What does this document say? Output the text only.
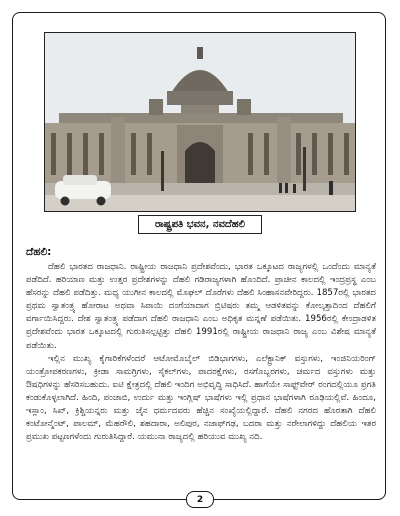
ರಾಷ್ಟ್ರಪತಿ ಭವನ, ನವದೆಹಲಿ

ದೆಹಲಿ:

ದೆಹಲಿ ಭಾರತದ ರಾಜಧಾನಿ. ರಾಷ್ಟ್ರೀಯ ರಾಜಧಾನಿ ಪ್ರದೇಶವೆಂದು, ಭಾರತ ಒಕ್ಕೂಟದ ರಾಜ್ಯಗಳಲ್ಲಿ ಒಂದೆಂದು ಮಾನ್ಯತೆ ಪಡೆದಿದೆ. ಹರಿಯಾಣ ಮತ್ತು ಉತ್ತರ ಪ್ರದೇಶಗಳನ್ನು ದೆಹಲಿ ಗಡಿರಾಜ್ಯಗಳಾಗಿ ಹೊಂದಿದೆ. ಪ್ರಾಚೀನ ಕಾಲದಲ್ಲಿ ಇಂದ್ರಪ್ರಸ್ಥ ಎಂಬ ಹೆಸರನ್ನು ದೆಹಲಿ ಪಡೆದಿತ್ತು. ಮಧ್ಯ ಯುಗೀನ ಕಾಲದಲ್ಲಿ ಮೊಘಲ್ ದೊರೆಗಳು ದೆಹಲಿ ಸಿಂಹಾಸನವೇರಿದ್ದರು. 1857ರಲ್ಲಿ ಭಾರತದ ಪ್ರಥಮ ಸ್ವಾತಂತ್ರ್ಯ ಹೋರಾಟ ಅಥವಾ ಸಿಪಾಯಿ ದಂಗೆಯಾದಾಗ ಬ್ರಿಟಿಷರು ತಮ್ಮ ಆಡಳಿತವನ್ನು ಕೋಲ್ಕತ್ತಾದಿಂದ ದೆಹಲಿಗೆ ವರ್ಗಾಯಿಸಿದ್ದರು. ದೇಶ ಸ್ವಾತಂತ್ರ್ಯ ಪಡೆದಾಗ ದೆಹಲಿ ರಾಜಧಾನಿ ಎಂಬ ಅಧಿಕೃತ ಮನ್ನಣೆ ಪಡೆಯಿತು. 1956ರಲ್ಲಿ ಕೇಂದ್ರಾಡಳಿತ ಪ್ರದೇಶವೆಂದು ಭಾರತ ಒಕ್ಕೂಟದಲ್ಲಿ ಗುರುತಿಸಲ್ಪಟ್ಟಿತ್ತು ದೆಹಲಿ 1991ರಲ್ಲಿ ರಾಷ್ಟ್ರೀಯ ರಾಜಧಾನಿ ರಾಜ್ಯ ಎಂಬ ವಿಶೇಷ ಮಾನ್ಯತೆ ಪಡೆಯಿತು.

ಇಲ್ಲಿನ ಮುಖ್ಯ ಕೈಗಾರಿಕೆಗಳೆಂದರೆ ಆಟೋಮೊಬೈಲ್ ಬಿಡಿಭಾಗಗಳು, ಎಲೆಕ್ಟ್ರಾನಿಕ್ ವಸ್ತುಗಳು, ಇಂಜಿನಿಯರಿಂಗ್ ಯಂತ್ರೋಪಕರಣಗಳು, ಕ್ರೀಡಾ ಸಾಮಗ್ರಿಗಳು, ಸೈಕಲ್‌ಗಳು, ಪಾದರಕ್ಷೆಗಳು, ರಸಗೊಬ್ಬರಗಳು, ಚರ್ಮದ ವಸ್ತುಗಳು ಮತ್ತು ಔಷಧಿಗಳನ್ನು ಹೆಸರಿಸಬಹುದು. ಐಟಿ ಕ್ಷೇತ್ರದಲ್ಲಿ ದೆಹಲಿ ಇಂದಿಗ ಅಭಿವೃದ್ಧಿ ಸಾಧಿಸಿದೆ. ಹಾಗೆಯೇ ಸಾಫ್ಟ್‌ವೇರ್ ರಂಗದಲ್ಲಿಯೂ ಪ್ರಗತಿ ಕಂಡುಕೊಳ್ಳಲಾಗಿದೆ. ಹಿಂದಿ, ಪಂಜಾಬಿ, ಉರ್ದು ಮತ್ತು ಇಂಗ್ಲಿಷ್ ಭಾಷೆಗಳು ಇಲ್ಲಿ ಪ್ರಧಾನ ಭಾಷೆಗಳಾಗಿ ರೂಢಿಯಲ್ಲಿವೆ. ಹಿಂದೂ, ಇಸ್ಲಾಂ, ಸಿಖ್, ಕ್ರಿಶ್ಚಿಯನ್ನರು ಮತ್ತು ಜೈನ ಧರ್ಮದವರು ಹೆಚ್ಚಿನ ಸಂಖ್ಯೆಯಲ್ಲಿದ್ದಾರೆ. ದೆಹಲಿ ನಗರದ ಹೊರತಾಗಿ ದೆಹಲಿ ಕಂಟೋನ್ಮೆಂಟ್, ಪಾಲಮ್, ಮೆಹರೌಲಿ, ಶಹದಾರಾ, ಅಲಿಪುರ, ನಜಾಫ್‌ಗಢ, ಬದರಾ ಮತ್ತು ನರೇಲಾಗಳಿದ್ದು ದೆಹಲಿಯ ಇತರ ಪ್ರಮುಖ ಪಟ್ಟಣಗಳೆಂದು ಗುರುತಿಸಿದ್ದಾರೆ. ಯಮುನಾ ರಾಜ್ಯದಲ್ಲಿ ಹರಿಯುವ ಮುಖ್ಯ ನದಿ.

2
